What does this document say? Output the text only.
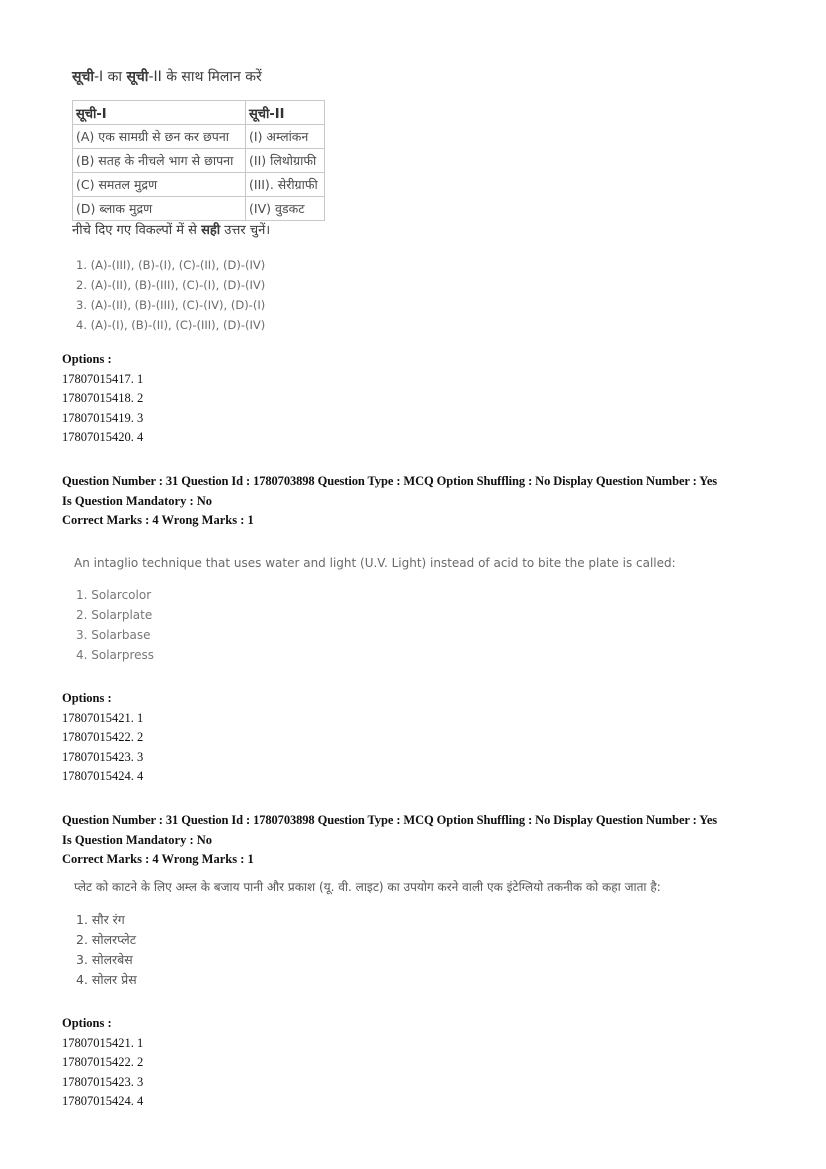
सूची-I का सूची-II के साथ मिलान करें
सूची-I	सूची-II
(A) एक सामग्री से छन कर छपना	(I) अम्लांकन
(B) सतह के नीचले भाग से छापना	(II) लिथोग्राफी
(C) समतल मुद्रण	(III). सेरीग्राफी
(D) ब्लाक मुद्रण	(IV) वुडकट
नीचे दिए गए विकल्पों में से सही उत्तर चुनें।
1. (A)-(III), (B)-(I), (C)-(II), (D)-(IV)
2. (A)-(II), (B)-(III), (C)-(I), (D)-(IV)
3. (A)-(II), (B)-(III), (C)-(IV), (D)-(I)
4. (A)-(I), (B)-(II), (C)-(III), (D)-(IV)
Options :
17807015417. 1
17807015418. 2
17807015419. 3
17807015420. 4
Question Number : 31 Question Id : 1780703898 Question Type : MCQ Option Shuffling : No Display Question Number : Yes
Is Question Mandatory : No
Correct Marks : 4 Wrong Marks : 1
An intaglio technique that uses water and light (U.V. Light) instead of acid to bite the plate is called:
1. Solarcolor
2. Solarplate
3. Solarbase
4. Solarpress
Options :
17807015421. 1
17807015422. 2
17807015423. 3
17807015424. 4
Question Number : 31 Question Id : 1780703898 Question Type : MCQ Option Shuffling : No Display Question Number : Yes
Is Question Mandatory : No
Correct Marks : 4 Wrong Marks : 1
प्लेट को काटने के लिए अम्ल के बजाय पानी और प्रकाश (यू. वी. लाइट) का उपयोग करने वाली एक इंटेग्लियो तकनीक को कहा जाता है:
1. सौर रंग
2. सोलरप्लेट
3. सोलरबेस
4. सोलर प्रेस
Options :
17807015421. 1
17807015422. 2
17807015423. 3
17807015424. 4
